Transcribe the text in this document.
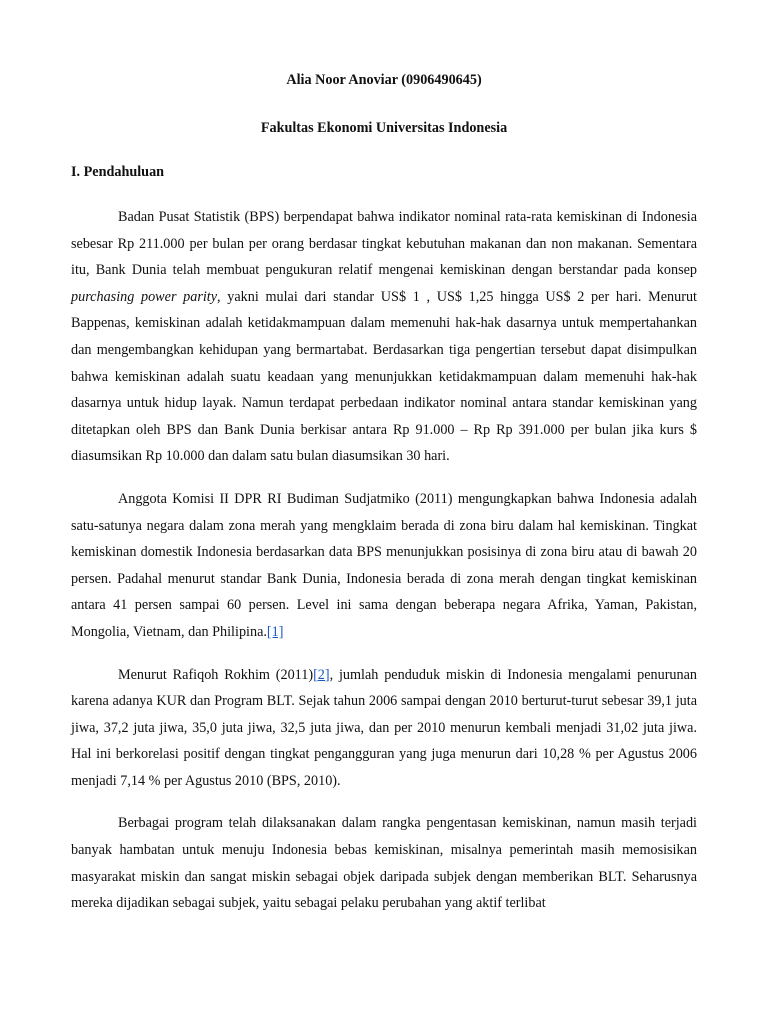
Alia Noor Anoviar (0906490645)

Fakultas Ekonomi Universitas Indonesia

I. Pendahuluan

Badan Pusat Statistik (BPS) berpendapat bahwa indikator nominal rata-rata kemiskinan di Indonesia sebesar Rp 211.000 per bulan per orang berdasar tingkat kebutuhan makanan dan non makanan. Sementara itu, Bank Dunia telah membuat pengukuran relatif mengenai kemiskinan dengan berstandar pada konsep purchasing power parity, yakni mulai dari standar US$ 1 , US$ 1,25 hingga US$ 2 per hari. Menurut Bappenas, kemiskinan adalah ketidakmampuan dalam memenuhi hak-hak dasarnya untuk mempertahankan dan mengembangkan kehidupan yang bermartabat. Berdasarkan tiga pengertian tersebut dapat disimpulkan bahwa kemiskinan adalah suatu keadaan yang menunjukkan ketidakmampuan dalam memenuhi hak-hak dasarnya untuk hidup layak. Namun terdapat perbedaan indikator nominal antara standar kemiskinan yang ditetapkan oleh BPS dan Bank Dunia berkisar antara Rp 91.000 – Rp Rp 391.000 per bulan jika kurs $ diasumsikan Rp 10.000 dan dalam satu bulan diasumsikan 30 hari.

Anggota Komisi II DPR RI Budiman Sudjatmiko (2011) mengungkapkan bahwa Indonesia adalah satu-satunya negara dalam zona merah yang mengklaim berada di zona biru dalam hal kemiskinan. Tingkat kemiskinan domestik Indonesia berdasarkan data BPS menunjukkan posisinya di zona biru atau di bawah 20 persen. Padahal menurut standar Bank Dunia, Indonesia berada di zona merah dengan tingkat kemiskinan antara 41 persen sampai 60 persen. Level ini sama dengan beberapa negara Afrika, Yaman, Pakistan, Mongolia, Vietnam, dan Philipina.[1]

Menurut Rafiqoh Rokhim (2011)[2], jumlah penduduk miskin di Indonesia mengalami penurunan karena adanya KUR dan Program BLT. Sejak tahun 2006 sampai dengan 2010 berturut-turut sebesar 39,1 juta jiwa, 37,2 juta jiwa, 35,0 juta jiwa, 32,5 juta jiwa, dan per 2010 menurun kembali menjadi 31,02 juta jiwa. Hal ini berkorelasi positif dengan tingkat pengangguran yang juga menurun dari 10,28 % per Agustus 2006 menjadi 7,14 % per Agustus 2010 (BPS, 2010).

Berbagai program telah dilaksanakan dalam rangka pengentasan kemiskinan, namun masih terjadi banyak hambatan untuk menuju Indonesia bebas kemiskinan, misalnya pemerintah masih memosisikan masyarakat miskin dan sangat miskin sebagai objek daripada subjek dengan memberikan BLT. Seharusnya mereka dijadikan sebagai subjek, yaitu sebagai pelaku perubahan yang aktif terlibat
